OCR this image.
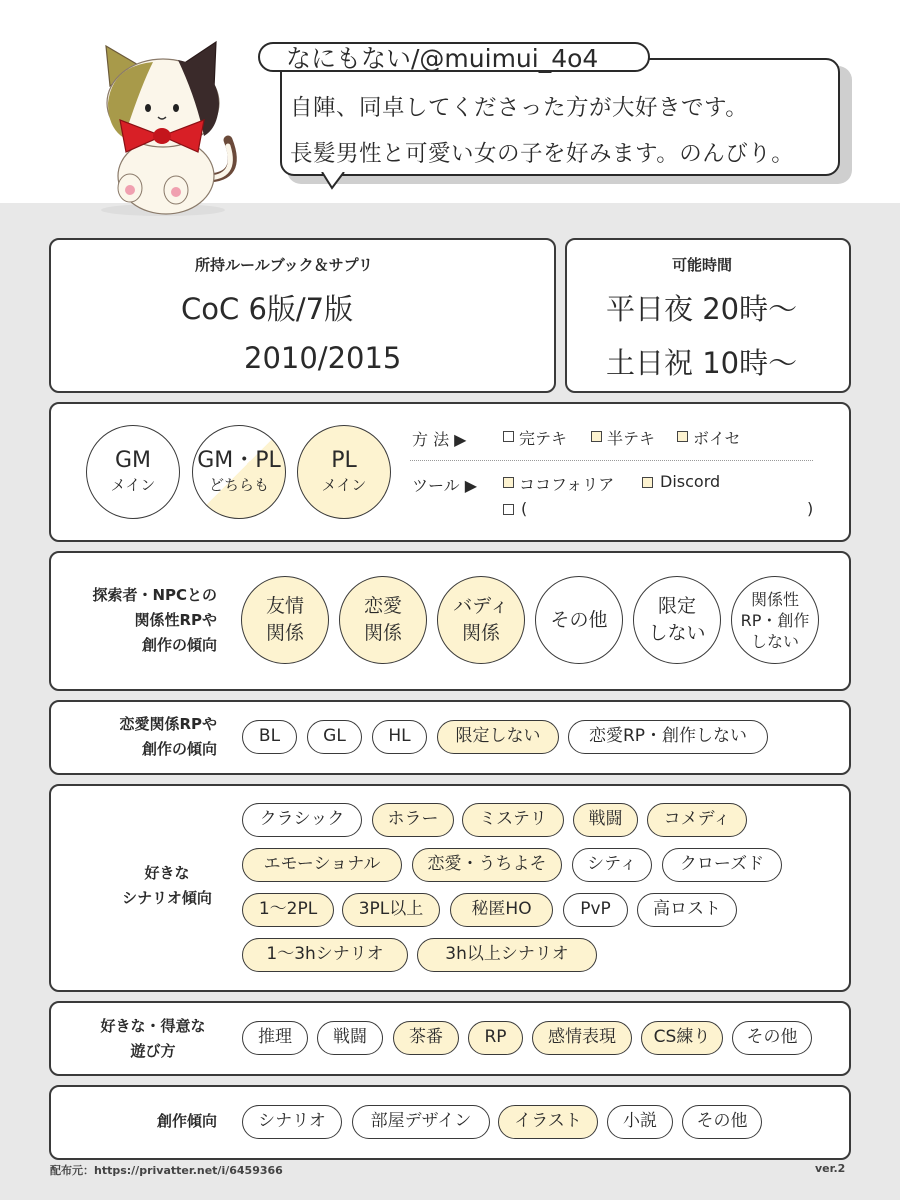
なにもない/@muimui_4o4
自陣、同卓してくださった方が大好きです。
長髪男性と可愛い女の子を好みます。のんびり。
所持ルールブック＆サプリ
CoC 6版/7版
2010/2015
可能時間
平日夜 20時～
土日祝 10時～
GM
メイン
GM・PL
どちらも
PL
メイン
方 法 ▶	完テキ 半テキ ボイセ
ツール ▶	ココフォリア	Discord
(	)
探索者・NPCとの
関係性RPや
創作の傾向
友情
関係
恋愛
関係
バディ
関係
その他
限定
しない
関係性
RP・創作
しない
恋愛関係RPや
創作の傾向
BL	GL	HL	限定しない	恋愛RP・創作しない
好きな
シナリオ傾向
クラシック	ホラー	ミステリ	戦闘	コメディ
エモーショナル	恋愛・うちよそ	シティ	クローズド
1～2PL	3PL以上	秘匿HO	PvP	高ロスト
1～3hシナリオ	3h以上シナリオ
好きな・得意な
遊び方
推理	戦闘	茶番	RP	感情表現	CS練り	その他
創作傾向	シナリオ	部屋デザイン	イラスト	小説	その他
配布元：https://privatter.net/i/6459366	ver.2
